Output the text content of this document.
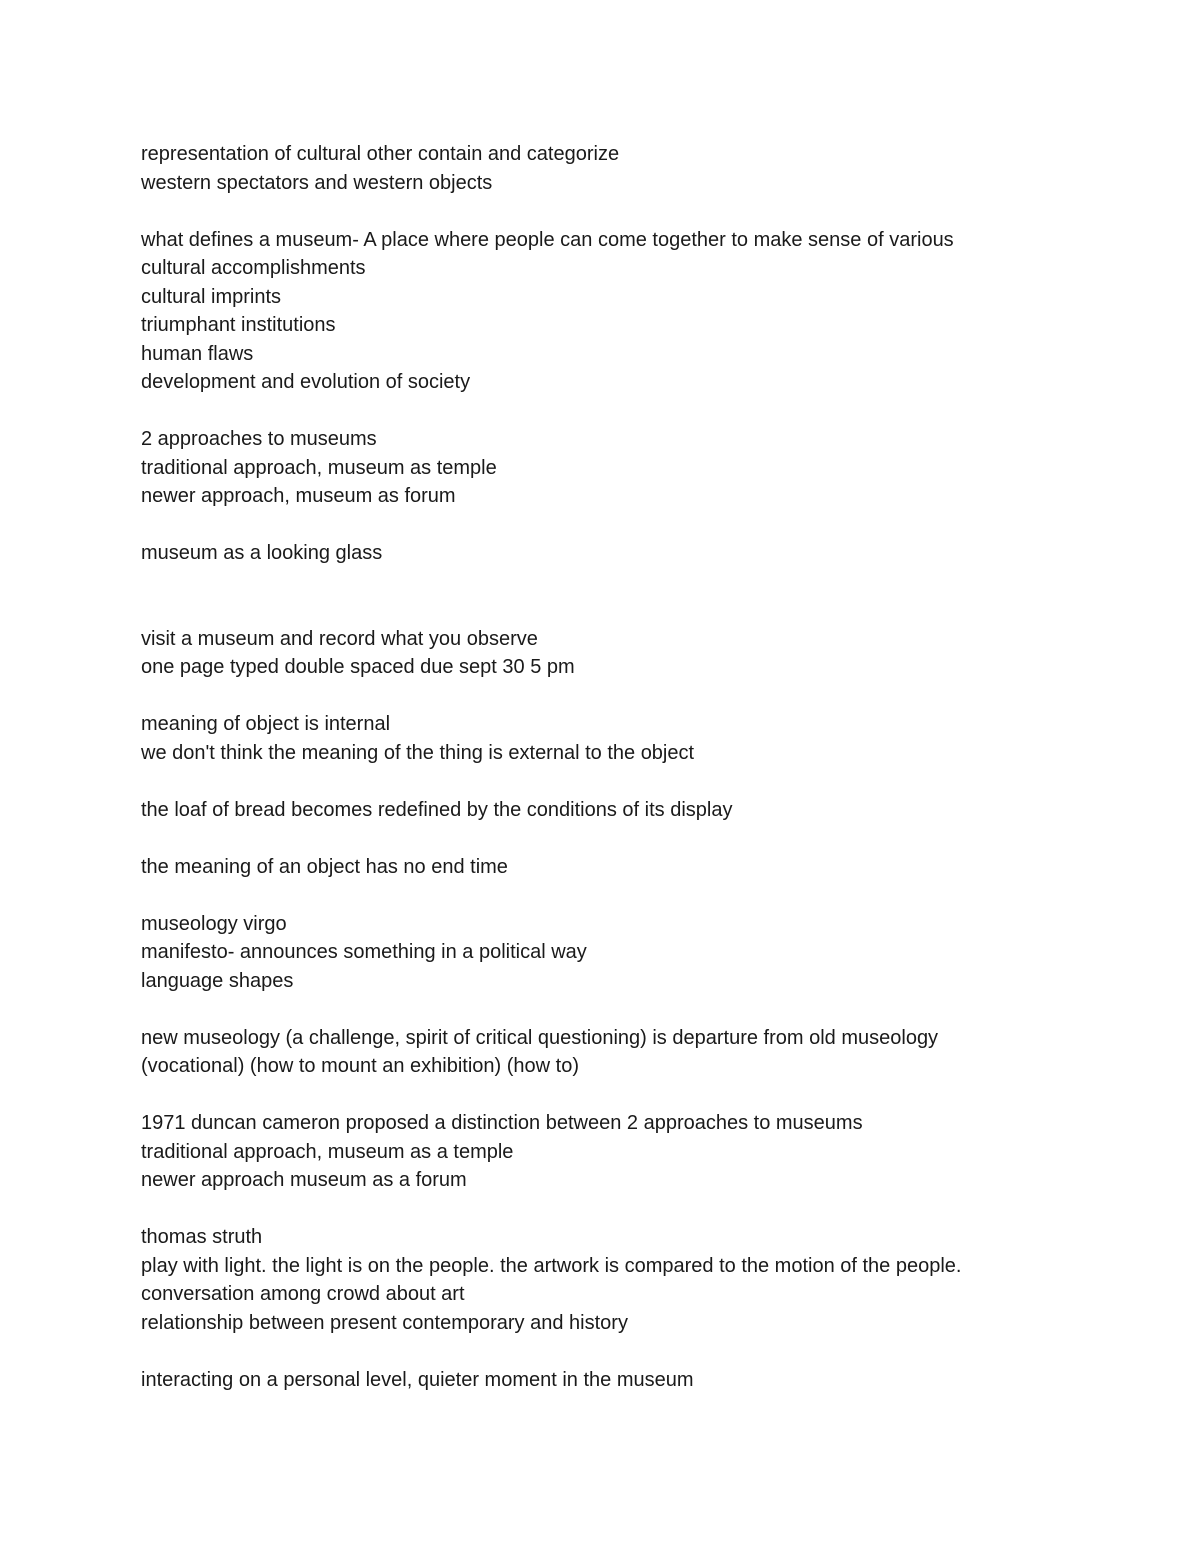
representation of cultural other contain and categorize
western spectators and western objects
what defines a museum- A place where people can come together to make sense of various
cultural accomplishments
cultural imprints
triumphant institutions
human flaws
development and evolution of society
2 approaches to museums
traditional approach, museum as temple
newer approach, museum as forum
museum as a looking glass
visit a museum and record what you observe
one page typed double spaced due sept 30 5 pm
meaning of object is internal
we don't think the meaning of the thing is external to the object
the loaf of bread becomes redefined by the conditions of its display
the meaning of an object has no end time
museology virgo
manifesto- announces something in a political way
language shapes
new museology (a challenge, spirit of critical questioning) is departure from old museology
(vocational) (how to mount an exhibition) (how to)
1971 duncan cameron proposed a distinction between 2 approaches to museums
traditional approach, museum as a temple
newer approach museum as a forum
thomas struth
play with light. the light is on the people. the artwork is compared to the motion of the people.
conversation among crowd about art
relationship between present contemporary and history
interacting on a personal level, quieter moment in the museum
